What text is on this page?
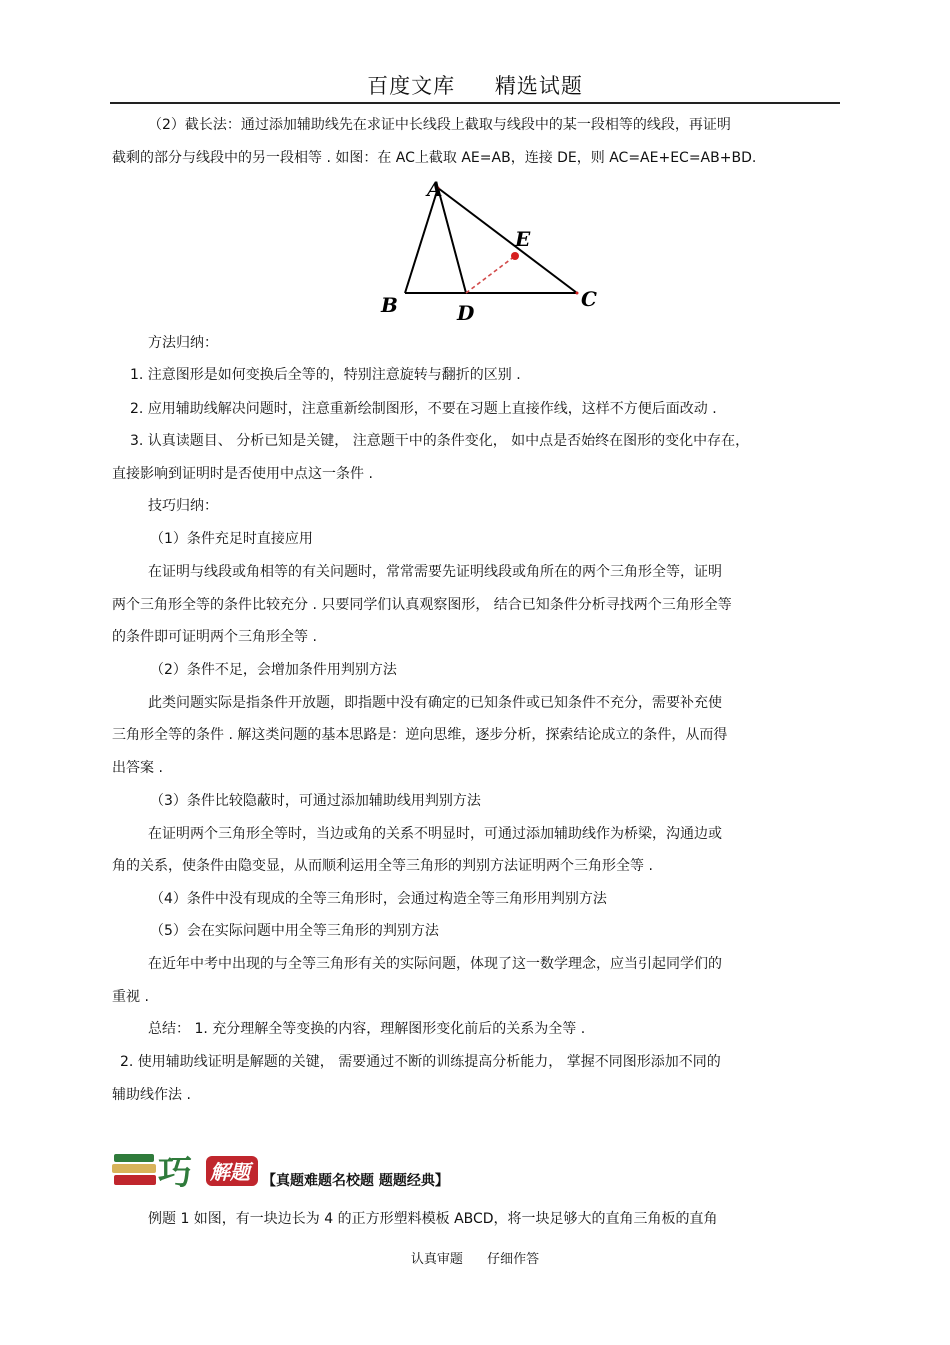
百度文库 精选试题
（2）截长法：通过添加辅助线先在求证中长线段上截取与线段中的某一段相等的线段，再证明
截剩的部分与线段中的另一段相等 . 如图：在 AC上截取 AE=AB，连接 DE，则 AC=AE+EC=AB+BD.
方法归纳：
1. 注意图形是如何变换后全等的，特别注意旋转与翻折的区别 .
2. 应用辅助线解决问题时，注意重新绘制图形，不要在习题上直接作线，这样不方便后面改动 .
3. 认真读题目、 分析已知是关键， 注意题干中的条件变化， 如中点是否始终在图形的变化中存在，
直接影响到证明时是否使用中点这一条件 .
技巧归纳：
（1）条件充足时直接应用
在证明与线段或角相等的有关问题时，常常需要先证明线段或角所在的两个三角形全等，证明
两个三角形全等的条件比较充分 . 只要同学们认真观察图形， 结合已知条件分析寻找两个三角形全等
的条件即可证明两个三角形全等 .
（2）条件不足，会增加条件用判别方法
此类问题实际是指条件开放题，即指题中没有确定的已知条件或已知条件不充分，需要补充使
三角形全等的条件 . 解这类问题的基本思路是：逆向思维，逐步分析，探索结论成立的条件，从而得
出答案 .
（3）条件比较隐蔽时，可通过添加辅助线用判别方法
在证明两个三角形全等时，当边或角的关系不明显时，可通过添加辅助线作为桥梁，沟通边或
角的关系，使条件由隐变显，从而顺利运用全等三角形的判别方法证明两个三角形全等 .
（4）条件中没有现成的全等三角形时，会通过构造全等三角形用判别方法
（5）会在实际问题中用全等三角形的判别方法
在近年中考中出现的与全等三角形有关的实际问题，体现了这一数学理念，应当引起同学们的
重视 .
总结： 1. 充分理解全等变换的内容，理解图形变化前后的关系为全等 .
2. 使用辅助线证明是解题的关键， 需要通过不断的训练提高分析能力， 掌握不同图形添加不同的
辅助线作法 .
例题 1 如图，有一块边长为 4 的正方形塑料模板 ABCD，将一块足够大的直角三角板的直角
A
E
B	C
D
巧 解题 【真题难题名校题 题题经典】
认真审题 仔细作答
